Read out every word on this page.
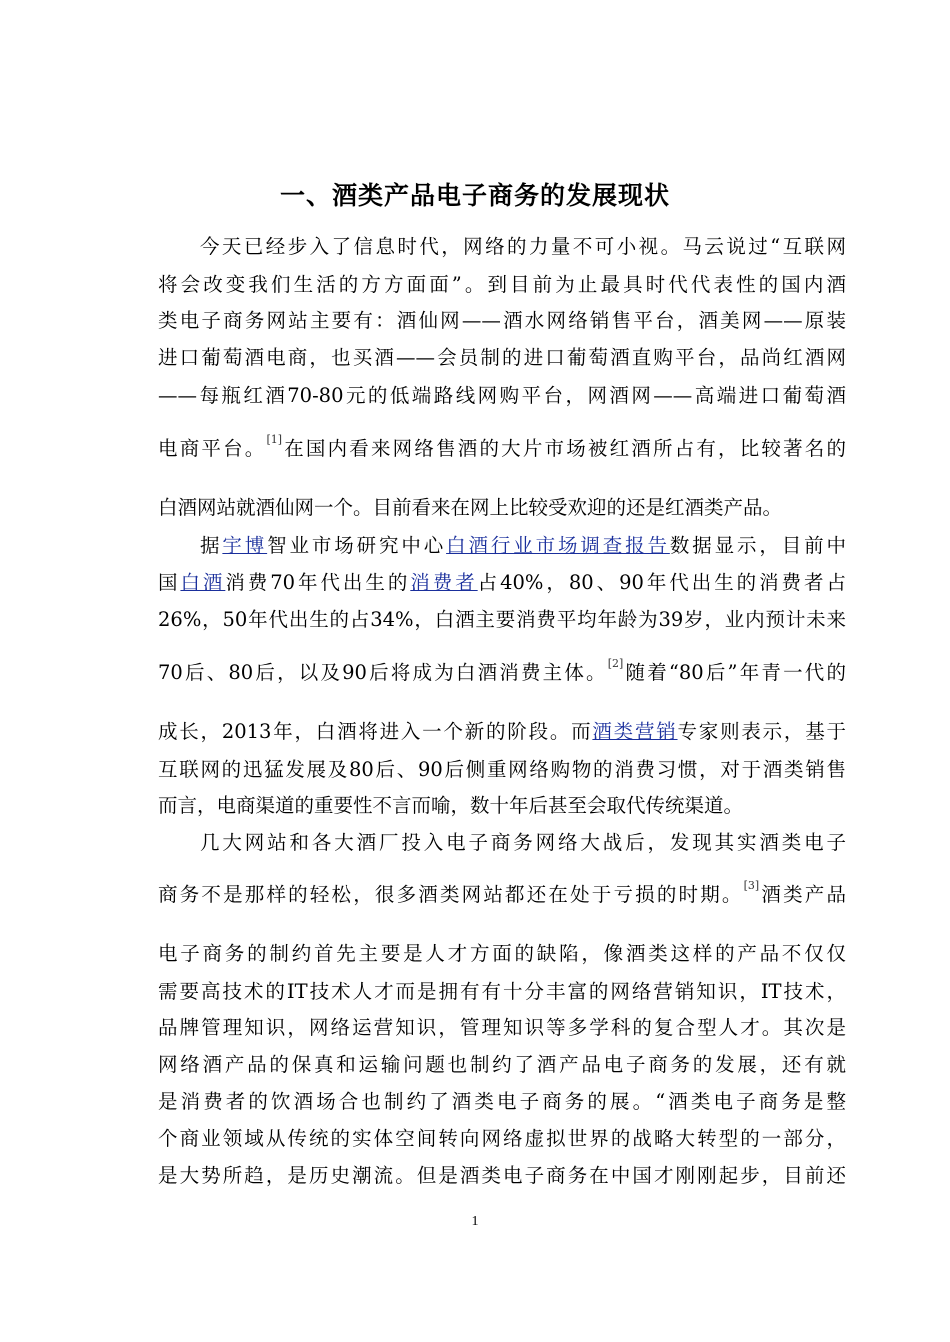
一、酒类产品电子商务的发展现状
今天已经步入了信息时代，网络的力量不可小视。马云说过“互联网
将会改变我们生活的方方面面”。到目前为止最具时代代表性的国内酒
类电子商务网站主要有：酒仙网——酒水网络销售平台，酒美网——原装
进口葡萄酒电商，也买酒——会员制的进口葡萄酒直购平台，品尚红酒网
——每瓶红酒70-80元的低端路线网购平台，网酒网——高端进口葡萄酒
电商平台。[1]在国内看来网络售酒的大片市场被红酒所占有，比较著名的
白酒网站就酒仙网一个。目前看来在网上比较受欢迎的还是红酒类产品。
据宇博智业市场研究中心白酒行业市场调查报告数据显示，目前中
国白酒消费70年代出生的消费者占40%，80、90年代出生的消费者占
26%，50年代出生的占34%，白酒主要消费平均年龄为39岁，业内预计未来
70后、80后，以及90后将成为白酒消费主体。[2]随着“80后”年青一代的
成长，2013年，白酒将进入一个新的阶段。而酒类营销专家则表示，基于
互联网的迅猛发展及80后、90后侧重网络购物的消费习惯，对于酒类销售
而言，电商渠道的重要性不言而喻，数十年后甚至会取代传统渠道。
几大网站和各大酒厂投入电子商务网络大战后，发现其实酒类电子
商务不是那样的轻松，很多酒类网站都还在处于亏损的时期。[3]酒类产品
电子商务的制约首先主要是人才方面的缺陷，像酒类这样的产品不仅仅
需要高技术的IT技术人才而是拥有有十分丰富的网络营销知识，IT技术，
品牌管理知识，网络运营知识，管理知识等多学科的复合型人才。其次是
网络酒产品的保真和运输问题也制约了酒产品电子商务的发展，还有就
是消费者的饮酒场合也制约了酒类电子商务的展。“酒类电子商务是整
个商业领域从传统的实体空间转向网络虚拟世界的战略大转型的一部分，
是大势所趋，是历史潮流。但是酒类电子商务在中国才刚刚起步，目前还
1
